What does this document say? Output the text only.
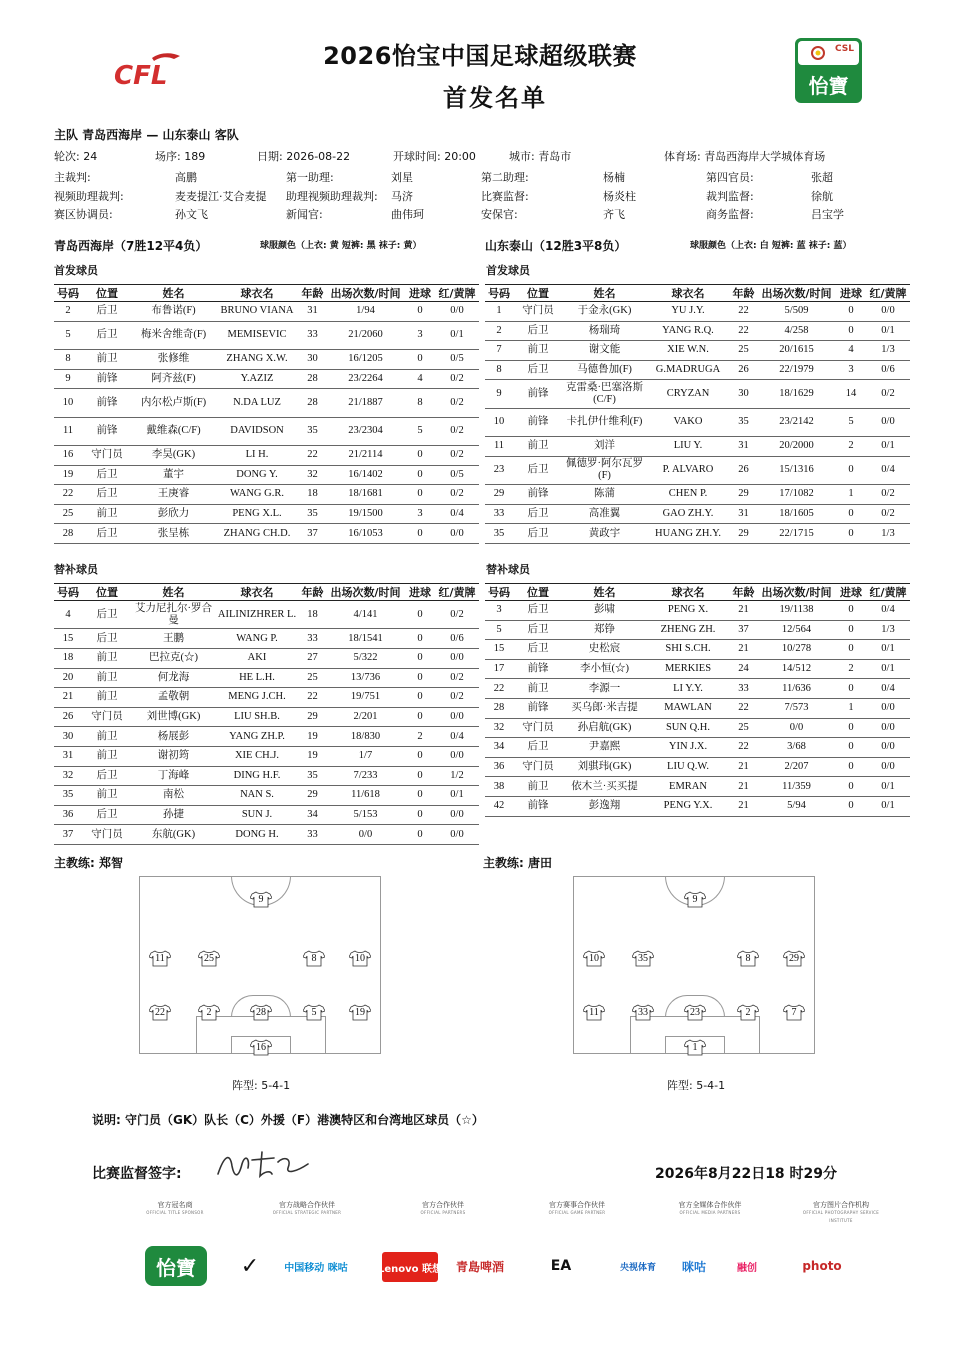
CFL
CSL
怡寶
2026怡宝中国足球超级联赛
首发名单
主队 青岛西海岸 — 山东泰山 客队
轮次: 24	场序: 189	日期: 2026-08-22	开球时间: 20:00	城市: 青岛市	体育场: 青岛西海岸大学城体育场
主裁判:	高鹏	第一助理:	刘星	第二助理:	杨楠	第四官员:	张超
视频助理裁判:	麦麦提江·艾合麦提 助理视频助理裁判: 马济	比赛监督:	杨炎柱	裁判监督:	徐航
赛区协调员:	孙文飞	新闻官:	曲伟珂	安保官:	齐飞	商务监督:	吕宝学
青岛西海岸（7胜12平4负）	球服颜色（上衣: 黄 短裤: 黑 袜子: 黄）
首发球员
号码	位置	姓名	球衣名	年龄	出场次数/时间	进球	红/黄牌
2	后卫	布鲁诺(F)	BRUNO VIANA	31	1/94	0	0/0
5	后卫	梅米舍维奇(F)	MEMISEVIC	33	21/2060	3	0/1
8	前卫	张修维	ZHANG X.W.	30	16/1205	0	0/5
9	前锋	阿齐兹(F)	Y.AZIZ	28	23/2264	4	0/2
10	前锋	内尔松卢斯(F)	N.DA LUZ	28	21/1887	8	0/2
11	前锋	戴维森(C/F)	DAVIDSON	35	23/2304	5	0/2
16	守门员	李昊(GK)	LI H.	22	21/2114	0	0/2
19	后卫	董宇	DONG Y.	32	16/1402	0	0/5
22	后卫	王庚睿	WANG G.R.	18	18/1681	0	0/2
25	前卫	彭欣力	PENG X.L.	35	19/1500	3	0/4
28	后卫	张呈栋	ZHANG CH.D.	37	16/1053	0	0/0
替补球员
号码	位置	姓名	球衣名	年龄	出场次数/时间	进球	红/黄牌
4	后卫	艾力尼扎尔·罗合曼	AILINIZHRER L.	18	4/141	0	0/2
15	后卫	王鹏	WANG P.	33	18/1541	0	0/6
18	前卫	巴拉克(☆)	AKI	27	5/322	0	0/0
20	前卫	何龙海	HE L.H.	25	13/736	0	0/2
21	前卫	孟敬朝	MENG J.CH.	22	19/751	0	0/2
26	守门员	刘世博(GK)	LIU SH.B.	29	2/201	0	0/0
30	前卫	杨展彭	YANG ZH.P.	19	18/830	2	0/4
31	前卫	谢初筠	XIE CH.J.	19	1/7	0	0/0
32	后卫	丁海峰	DING H.F.	35	7/233	0	1/2
35	前卫	南松	NAN S.	29	11/618	0	0/1
36	后卫	孙捷	SUN J.	34	5/153	0	0/0
37	守门员	东航(GK)	DONG H.	33	0/0	0	0/0
山东泰山（12胜3平8负）	球服颜色（上衣: 白 短裤: 蓝 袜子: 蓝）
首发球员
号码	位置	姓名	球衣名	年龄	出场次数/时间	进球	红/黄牌
1	守门员	于金永(GK)	YU J.Y.	22	5/509	0	0/0
2	后卫	杨瑞琦	YANG R.Q.	22	4/258	0	0/1
7	前卫	谢文能	XIE W.N.	25	20/1615	4	1/3
8	后卫	马德鲁加(F)	G.MADRUGA	26	22/1979	3	0/6
9	前锋	克雷桑·巴塞洛斯(C/F)	CRYZAN	30	18/1629	14	0/2
10	前锋	卡扎伊什维利(F)	VAKO	35	23/2142	5	0/0
11	前卫	刘洋	LIU Y.	31	20/2000	2	0/1
23	后卫	佩德罗·阿尔瓦罗(F)	P. ALVARO	26	15/1316	0	0/4
29	前锋	陈蒲	CHEN P.	29	17/1082	1	0/2
33	后卫	高准翼	GAO ZH.Y.	31	18/1605	0	0/2
35	后卫	黄政宇	HUANG ZH.Y.	29	22/1715	0	1/3
替补球员
号码	位置	姓名	球衣名	年龄	出场次数/时间	进球	红/黄牌
3	后卫	彭啸	PENG X.	21	19/1138	0	0/4
5	后卫	郑铮	ZHENG ZH.	37	12/564	0	1/3
15	后卫	史松宸	SHI S.CH.	21	10/278	0	0/1
17	前锋	李小恒(☆)	MERKIES	24	14/512	2	0/1
22	前卫	李源一	LI Y.Y.	33	11/636	0	0/4
28	前锋	买乌郎·米吉提	MAWLAN	22	7/573	1	0/0
32	守门员	孙启航(GK)	SUN Q.H.	25	0/0	0	0/0
34	后卫	尹嘉熙	YIN J.X.	22	3/68	0	0/0
36	守门员	刘骐玮(GK)	LIU Q.W.	21	2/207	0	0/0
38	前卫	依木兰·买买提	EMRAN	21	11/359	0	0/1
42	前锋	彭逸翔	PENG Y.X.	21	5/94	0	0/1
主教练: 郑智	主教练: 唐田
9
11	25	8	10
22	2	28	5	19
16
阵型: 5-4-1
9
10	35	8	29
11	33	23	2	7
1
阵型: 5-4-1
说明: 守门员（GK）队长（C）外援（F）港澳特区和台湾地区球员（☆）
比赛监督签字:	2026年8月22日18 时29分
官方冠名商
OFFICIAL TITLE SPONSOR
官方战略合作伙伴
OFFICIAL STRATEGIC PARTNER
官方合作伙伴
OFFICIAL PARTNERS
官方赛事合作伙伴
OFFICIAL GAME PARTNER
官方全媒体合作伙伴
OFFICIAL MEDIA PARTNERS
官方图片合作机构
OFFICIAL PHOTOGRAPHY SERVICE INSTITUTE
怡寶	✓	中国移动 咪咕	Lenovo 联想 青島啤酒	EA	央视体育	咪咕	融创	photo
